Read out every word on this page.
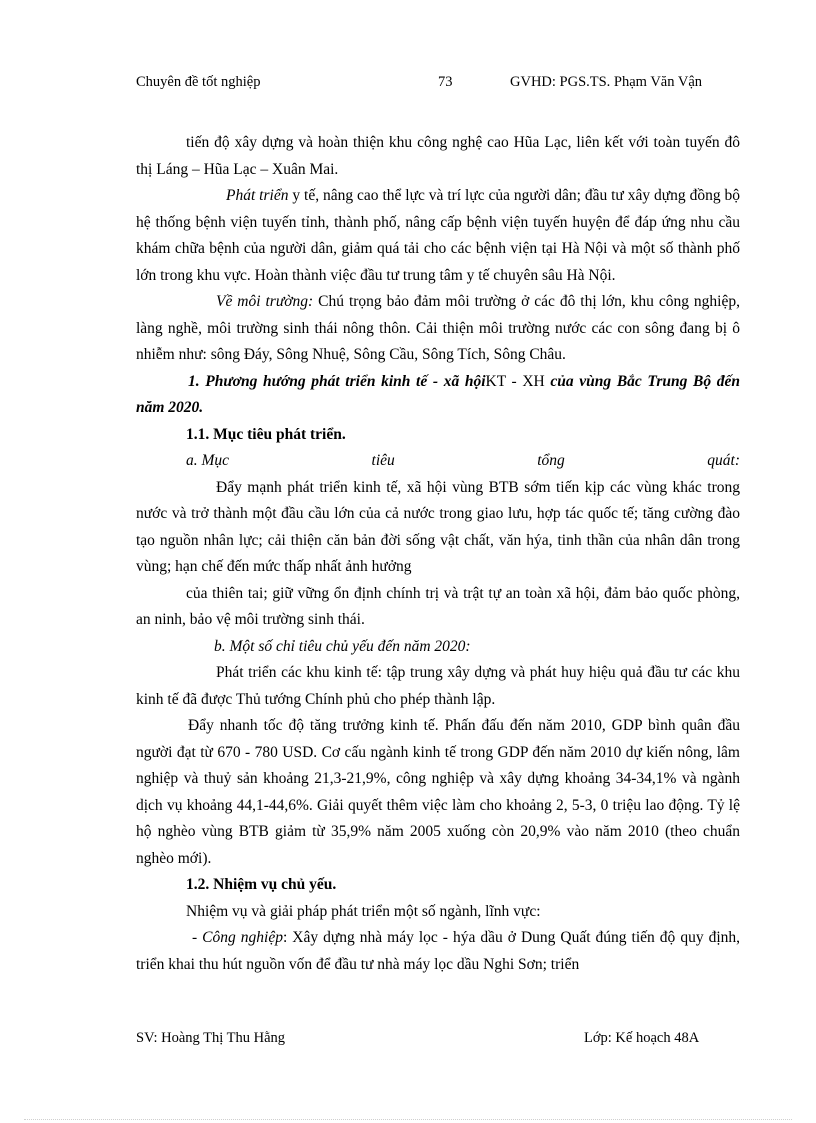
Chuyên đề tốt nghiệp	73	GVHD: PGS.TS. Phạm Văn Vận

tiến độ xây dựng và hoàn thiện khu công nghệ cao Hũa Lạc, liên kết với toàn tuyến đô thị Láng – Hũa Lạc – Xuân Mai.

Phát triển y tế, nâng cao thể lực và trí lực của người dân; đầu tư xây dựng đồng bộ hệ thống bệnh viện tuyến tỉnh, thành phố, nâng cấp bệnh viện tuyến huyện để đáp ứng nhu cầu khám chữa bệnh của người dân, giảm quá tải cho các bệnh viện tại Hà Nội và một số thành phố lớn trong khu vực. Hoàn thành việc đầu tư trung tâm y tế chuyên sâu Hà Nội.

Về môi trường: Chú trọng bảo đảm môi trường ở các đô thị lớn, khu công nghiệp, làng nghề, môi trường sinh thái nông thôn. Cải thiện môi trường nước các con sông đang bị ô nhiễm như: sông Đáy, Sông Nhuệ, Sông Cầu, Sông Tích, Sông Châu.

1. Phương hướng phát triển kinh tế - xã hộiKT - XH của vùng Bắc Trung Bộ đến năm 2020.

1.1. Mục tiêu phát triển.

a. Mục	tiêu	tổng	quát:

Đẩy mạnh phát triển kinh tế, xã hội vùng BTB sớm tiến kịp các vùng khác trong nước và trở thành một đầu cầu lớn của cả nước trong giao lưu, hợp tác quốc tế; tăng cường đào tạo nguồn nhân lực; cải thiện căn bản đời sống vật chất, văn hýa, tinh thần của nhân dân trong vùng; hạn chế đến mức thấp nhất ảnh hưởng

của thiên tai; giữ vững ổn định chính trị và trật tự an toàn xã hội, đảm bảo quốc phòng, an ninh, bảo vệ môi trường sinh thái.

b. Một số chỉ tiêu chủ yếu đến năm 2020:

Phát triển các khu kinh tế: tập trung xây dựng và phát huy hiệu quả đầu tư các khu kinh tế đã được Thủ tướng Chính phủ cho phép thành lập.

Đẩy nhanh tốc độ tăng trưởng kinh tế. Phấn đấu đến năm 2010, GDP bình quân đầu người đạt từ 670 - 780 USD. Cơ cấu ngành kinh tế trong GDP đến năm 2010 dự kiến nông, lâm nghiệp và thuỷ sản khoảng 21,3-21,9%, công nghiệp và xây dựng khoảng 34-34,1% và ngành dịch vụ khoảng 44,1-44,6%. Giải quyết thêm việc làm cho khoảng 2, 5-3, 0 triệu lao động. Tỷ lệ hộ nghèo vùng BTB giảm từ 35,9% năm 2005 xuống còn 20,9% vào năm 2010 (theo chuẩn nghèo mới).

1.2. Nhiệm vụ chủ yếu.

Nhiệm vụ và giải pháp phát triển một số ngành, lĩnh vực:

- Công nghiệp: Xây dựng nhà máy lọc - hýa dầu ở Dung Quất đúng tiến độ quy định, triển khai thu hút nguồn vốn để đầu tư nhà máy lọc dầu Nghi Sơn; triển

SV: Hoàng Thị Thu Hằng	Lớp: Kế hoạch 48A
